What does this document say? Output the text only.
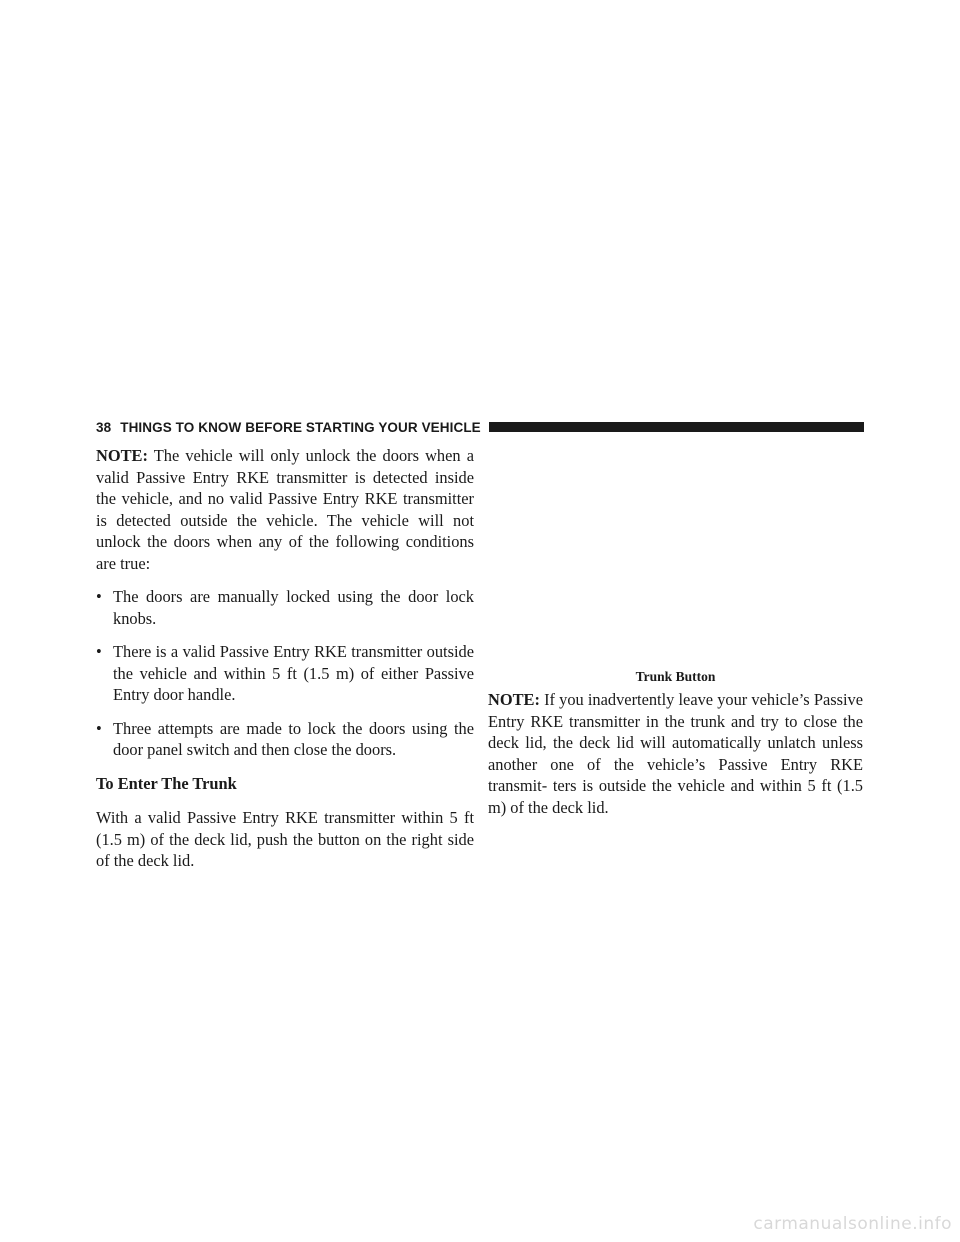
38 THINGS TO KNOW BEFORE STARTING YOUR VEHICLE

NOTE: The vehicle will only unlock the doors when a valid Passive Entry RKE transmitter is detected inside the vehicle, and no valid Passive Entry RKE transmitter is detected outside the vehicle. The vehicle will not unlock the doors when any of the following conditions are true:

• The doors are manually locked using the door lock knobs.
• There is a valid Passive Entry RKE transmitter outside the vehicle and within 5 ft (1.5 m) of either Passive Entry door handle.
• Three attempts are made to lock the doors using the door panel switch and then close the doors.

To Enter The Trunk

With a valid Passive Entry RKE transmitter within 5 ft (1.5 m) of the deck lid, push the button on the right side of the deck lid.

Trunk Button

NOTE: If you inadvertently leave your vehicle’s Passive Entry RKE transmitter in the trunk and try to close the deck lid, the deck lid will automatically unlatch unless another one of the vehicle’s Passive Entry RKE transmit- ters is outside the vehicle and within 5 ft (1.5 m) of the deck lid.

carmanualsonline.info
